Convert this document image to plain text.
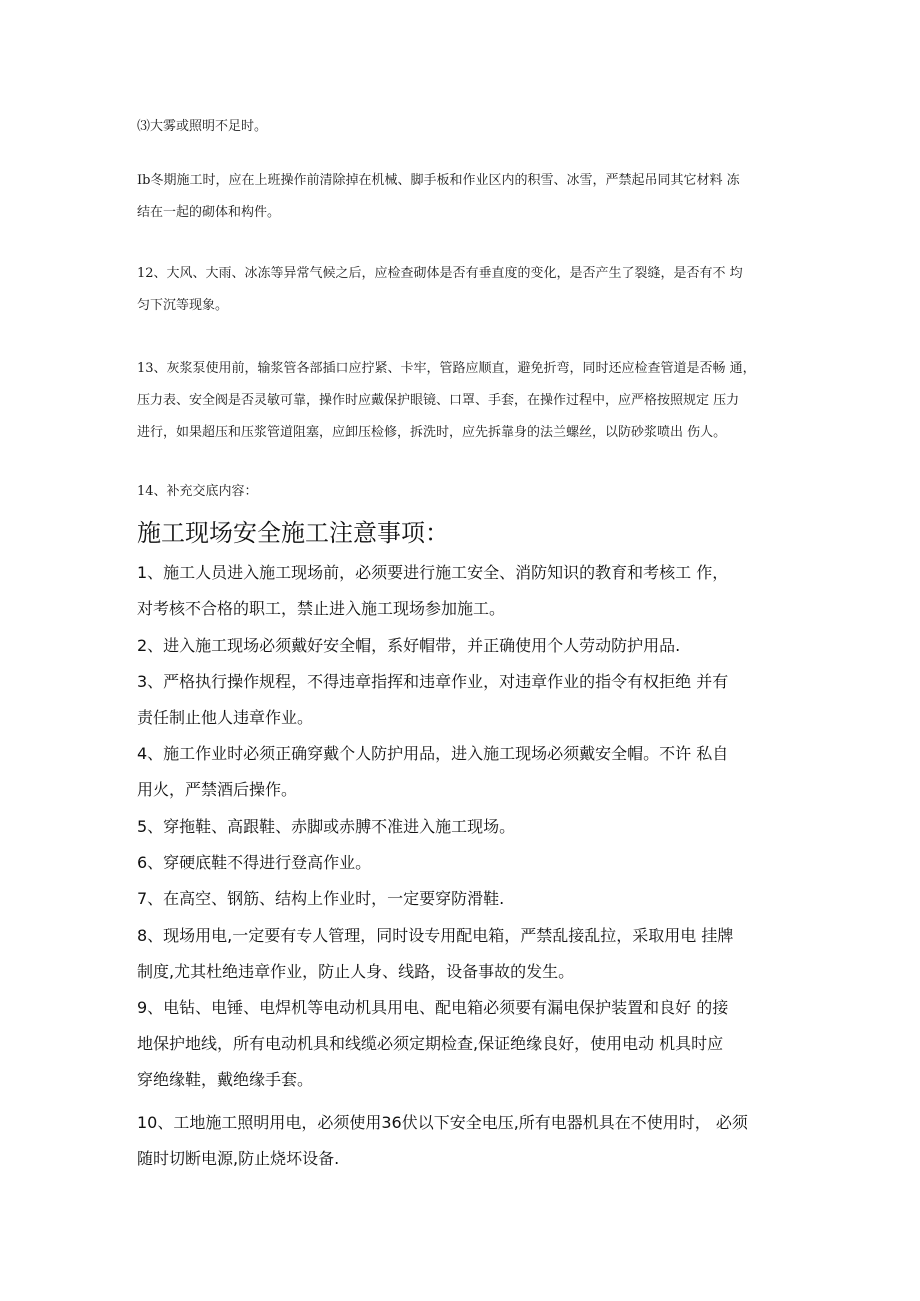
⑶大雾或照明不足时。
Ib冬期施工时，应在上班操作前清除掉在机械、脚手板和作业区内的积雪、冰雪，严禁起吊同其它材料 冻
结在一起的砌体和构件。
12、大风、大雨、冰冻等异常气候之后，应检查砌体是否有垂直度的变化，是否产生了裂缝，是否有不 均
匀下沉等现象。
13、灰浆泵使用前，输浆管各部插口应拧紧、卡牢，管路应顺直，避免折弯，同时还应检查管道是否畅 通，
压力表、安全阀是否灵敏可靠，操作时应戴保护眼镜、口罩、手套，在操作过程中，应严格按照规定 压力
进行，如果超压和压浆管道阻塞，应卸压检修，拆洗时，应先拆靠身的法兰螺丝，以防砂浆喷出 伤人。
14、补充交底内容：
施工现场安全施工注意事项：
1、施工人员进入施工现场前，必须要进行施工安全、消防知识的教育和考核工 作，
对考核不合格的职工，禁止进入施工现场参加施工。
2、进入施工现场必须戴好安全帽，系好帽带，并正确使用个人劳动防护用品.
3、严格执行操作规程，不得违章指挥和违章作业，对违章作业的指令有权拒绝 并有
责任制止他人违章作业。
4、施工作业时必须正确穿戴个人防护用品，进入施工现场必须戴安全帽。不许 私自
用火，严禁酒后操作。
5、穿拖鞋、高跟鞋、赤脚或赤膊不准进入施工现场。
6、穿硬底鞋不得进行登高作业。
7、在高空、钢筋、结构上作业时，一定要穿防滑鞋.
8、现场用电,一定要有专人管理，同时设专用配电箱，严禁乱接乱拉，采取用电 挂牌
制度,尤其杜绝违章作业，防止人身、线路，设备事故的发生。
9、电钻、电锤、电焊机等电动机具用电、配电箱必须要有漏电保护装置和良好 的接
地保护地线，所有电动机具和线缆必须定期检查,保证绝缘良好，使用电动 机具时应
穿绝缘鞋，戴绝缘手套。
10、工地施工照明用电，必须使用36伏以下安全电压,所有电器机具在不使用时， 必须
随时切断电源,防止烧坏设备.
